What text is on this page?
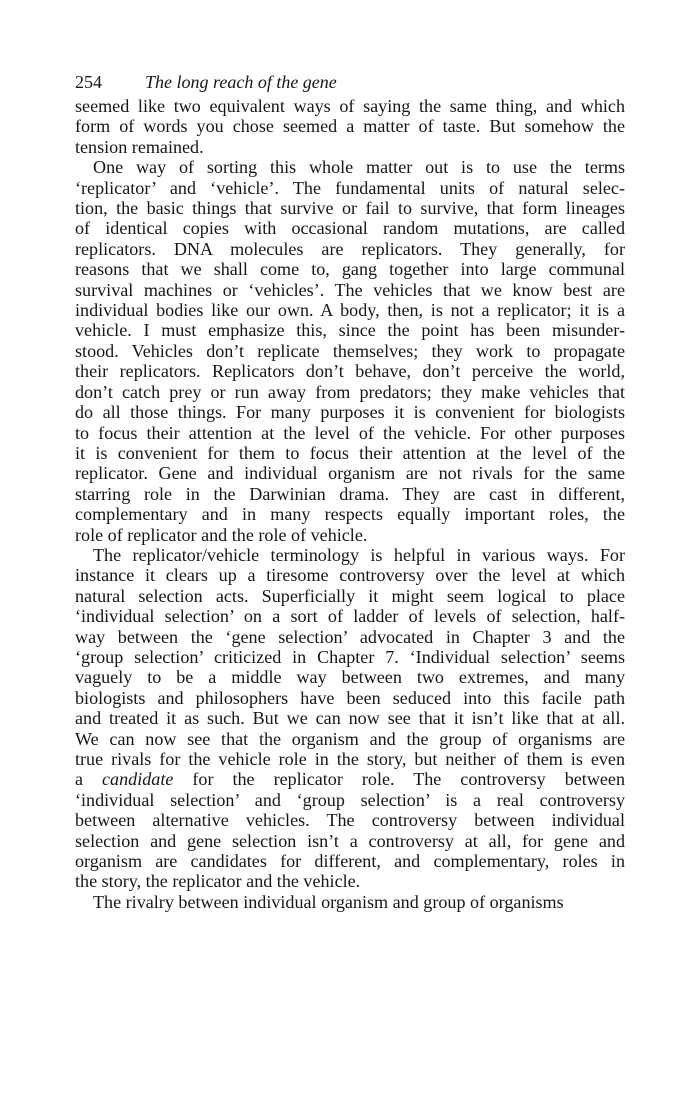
254 The long reach of the gene
seemed like two equivalent ways of saying the same thing, and which
form of words you chose seemed a matter of taste. But somehow the
tension remained.
One way of sorting this whole matter out is to use the terms
‘replicator’ and ‘vehicle’. The fundamental units of natural selec-
tion, the basic things that survive or fail to survive, that form lineages
of identical copies with occasional random mutations, are called
replicators. DNA molecules are replicators. They generally, for
reasons that we shall come to, gang together into large communal
survival machines or ‘vehicles’. The vehicles that we know best are
individual bodies like our own. A body, then, is not a replicator; it is a
vehicle. I must emphasize this, since the point has been misunder-
stood. Vehicles don’t replicate themselves; they work to propagate
their replicators. Replicators don’t behave, don’t perceive the world,
don’t catch prey or run away from predators; they make vehicles that
do all those things. For many purposes it is convenient for biologists
to focus their attention at the level of the vehicle. For other purposes
it is convenient for them to focus their attention at the level of the
replicator. Gene and individual organism are not rivals for the same
starring role in the Darwinian drama. They are cast in different,
complementary and in many respects equally important roles, the
role of replicator and the role of vehicle.
The replicator/vehicle terminology is helpful in various ways. For
instance it clears up a tiresome controversy over the level at which
natural selection acts. Superficially it might seem logical to place
‘individual selection’ on a sort of ladder of levels of selection, half-
way between the ‘gene selection’ advocated in Chapter 3 and the
‘group selection’ criticized in Chapter 7. ‘Individual selection’ seems
vaguely to be a middle way between two extremes, and many
biologists and philosophers have been seduced into this facile path
and treated it as such. But we can now see that it isn’t like that at all.
We can now see that the organism and the group of organisms are
true rivals for the vehicle role in the story, but neither of them is even
a candidate for the replicator role. The controversy between
‘individual selection’ and ‘group selection’ is a real controversy
between alternative vehicles. The controversy between individual
selection and gene selection isn’t a controversy at all, for gene and
organism are candidates for different, and complementary, roles in
the story, the replicator and the vehicle.
The rivalry between individual organism and group of organisms
